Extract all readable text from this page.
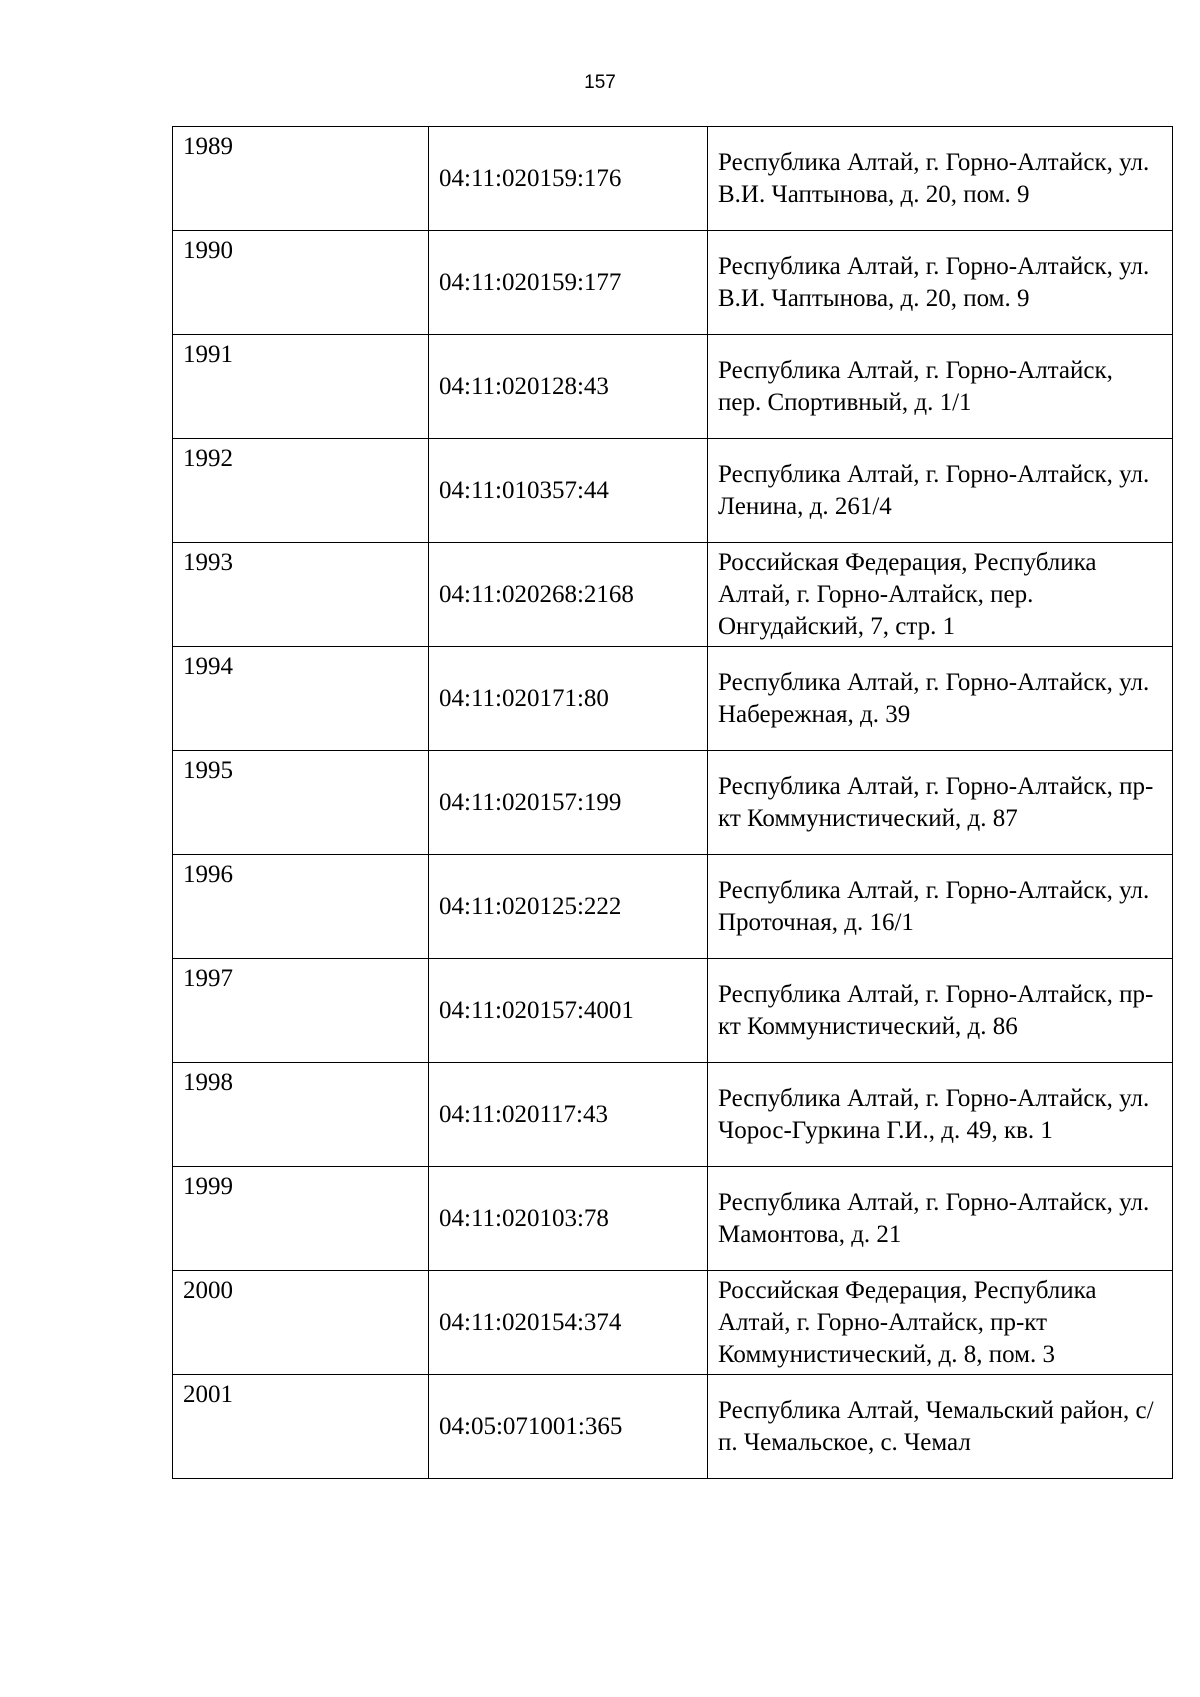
157
1989	04:11:020159:176	Республика Алтай, г. Горно-Алтайск, ул. В.И. Чаптынова, д. 20, пом. 9
1990	04:11:020159:177	Республика Алтай, г. Горно-Алтайск, ул. В.И. Чаптынова, д. 20, пом. 9
1991	04:11:020128:43	Республика Алтай, г. Горно-Алтайск, пер. Спортивный, д. 1/1
1992	04:11:010357:44	Республика Алтай, г. Горно-Алтайск, ул. Ленина, д. 261/4
1993	04:11:020268:2168	Российская Федерация, Республика Алтай, г. Горно-Алтайск, пер. Онгудайский, 7, стр. 1
1994	04:11:020171:80	Республика Алтай, г. Горно-Алтайск, ул. Набережная, д. 39
1995	04:11:020157:199	Республика Алтай, г. Горно-Алтайск, пр-кт Коммунистический, д. 87
1996	04:11:020125:222	Республика Алтай, г. Горно-Алтайск, ул. Проточная, д. 16/1
1997	04:11:020157:4001	Республика Алтай, г. Горно-Алтайск, пр-кт Коммунистический, д. 86
1998	04:11:020117:43	Республика Алтай, г. Горно-Алтайск, ул. Чорос-Гуркина Г.И., д. 49, кв. 1
1999	04:11:020103:78	Республика Алтай, г. Горно-Алтайск, ул. Мамонтова, д. 21
2000	04:11:020154:374	Российская Федерация, Республика Алтай, г. Горно-Алтайск, пр-кт Коммунистический, д. 8, пом. 3
2001	04:05:071001:365	Республика Алтай, Чемальский район, с/п. Чемальское, с. Чемал
